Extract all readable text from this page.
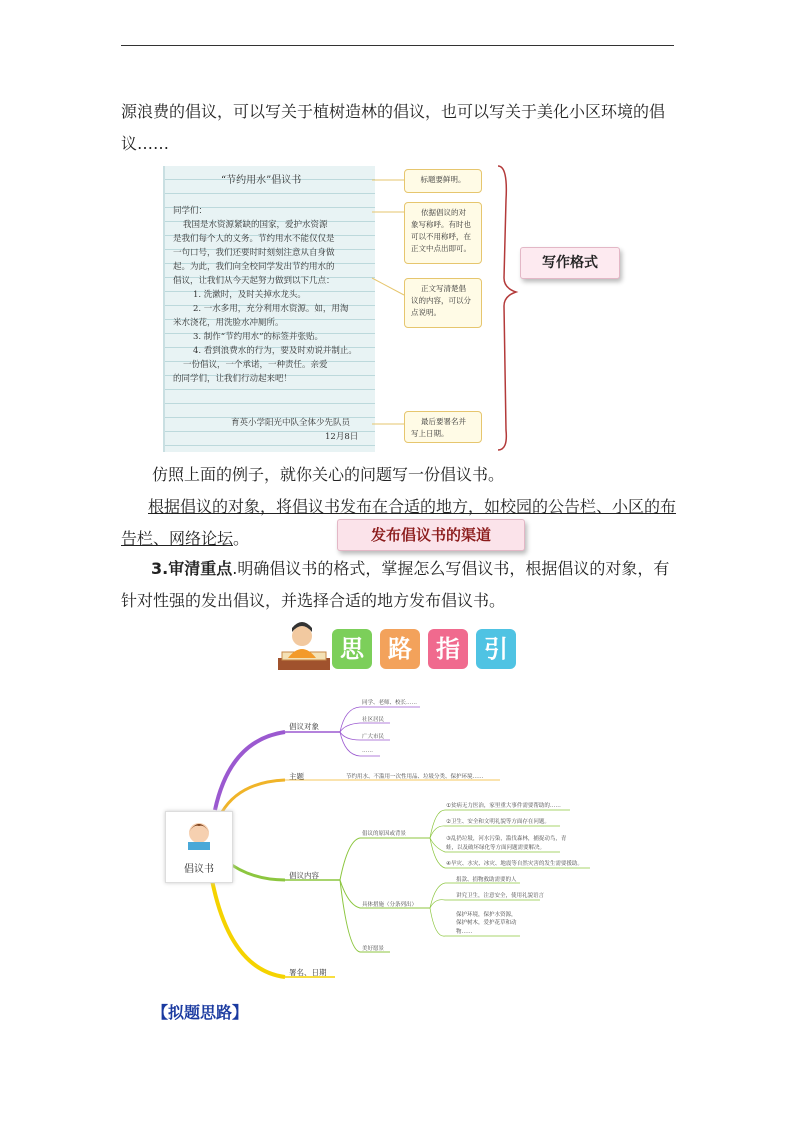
源浪费的倡议，可以写关于植树造林的倡议，也可以写关于美化小区环境的倡
议……
“节约用水”倡议书
同学们：
我国是水资源紧缺的国家，爱护水资源
是我们每个人的义务。节约用水不能仅仅是
一句口号，我们还要时时刻刻注意从自身做
起。为此，我们向全校同学发出节约用水的
倡议，让我们从今天起努力做到以下几点：
1. 洗漱时，及时关掉水龙头。
2. 一水多用，充分利用水资源。如，用淘
米水浇花，用洗脸水冲厕所。
3. 制作“节约用水”的标签并张贴。
4. 看到浪费水的行为，要及时劝说并制止。
一份倡议，一个承诺，一种责任。亲爱
的同学们，让我们行动起来吧！
育英小学阳光中队全体少先队员
12月8日
标题要鲜明。
依据倡议的对
象写称呼。有时也
可以不用称呼，在
正文中点出即可。
正文写清楚倡
议的内容，可以分
点说明。
最后要署名并
写上日期。
写作格式
仿照上面的例子，就你关心的问题写一份倡议书。
根据倡议的对象，将倡议书发布在合适的地方，如校园的公告栏、小区的布
告栏、网络论坛。	发布倡议书的渠道
3.审清重点.明确倡议书的格式，掌握怎么写倡议书，根据倡议的对象，有
针对性强的发出倡议，并选择合适的地方发布倡议书。
思	路	指	引
倡议书
倡议对象
同学、老师、校长……
社区居民
广大市民
……
主题	节约用水、不滥用一次性用品、垃圾分类、保护环境……
倡议内容
倡议的原因或背景
①贫病无力医治，家里重大事件需要帮助的……
②卫生、安全和文明礼貌等方面存在问题。
③乱扔垃圾，河水污染，滥伐森林，捕捉动鸟，青
蛙，以及破坏绿化等方面问题需要解决。
④旱灾、水灾、冰灾、地震等自然灾害的发生需要援助。
具体措施（分条列出）
捐款、捐物救助需要的人
讲究卫生，注意安全，使用礼貌语言
保护环境，保护水资源，
保护树木，爱护花草和动
物……
美好愿景
署名、日期
【拟题思路】
